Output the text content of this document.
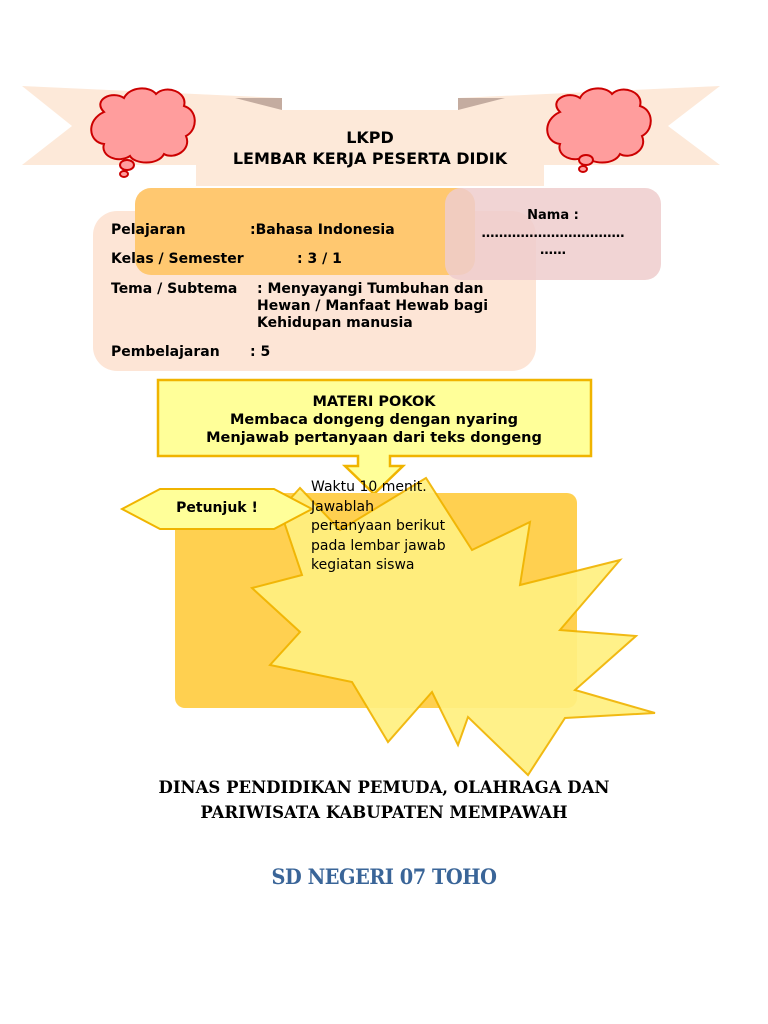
LKPD
LEMBAR KERJA PESERTA DIDIK
Pelajaran	:Bahasa Indonesia
Kelas / Semester	: 3 / 1
Tema / Subtema : Menyayangi Tumbuhan dan
Hewan / Manfaat Hewab bagi
Kehidupan manusia
Pembelajaran : 5
Nama :
……………………………
……
MATERI POKOK
Membaca dongeng dengan nyaring
Menjawab pertanyaan dari teks dongeng
Petunjuk !
Waktu 10 menit.
Jawablah
pertanyaan berikut
pada lembar jawab
kegiatan siswa
DINAS PENDIDIKAN PEMUDA, OLAHRAGA DAN
PARIWISATA KABUPATEN MEMPAWAH
SD NEGERI 07 TOHO
